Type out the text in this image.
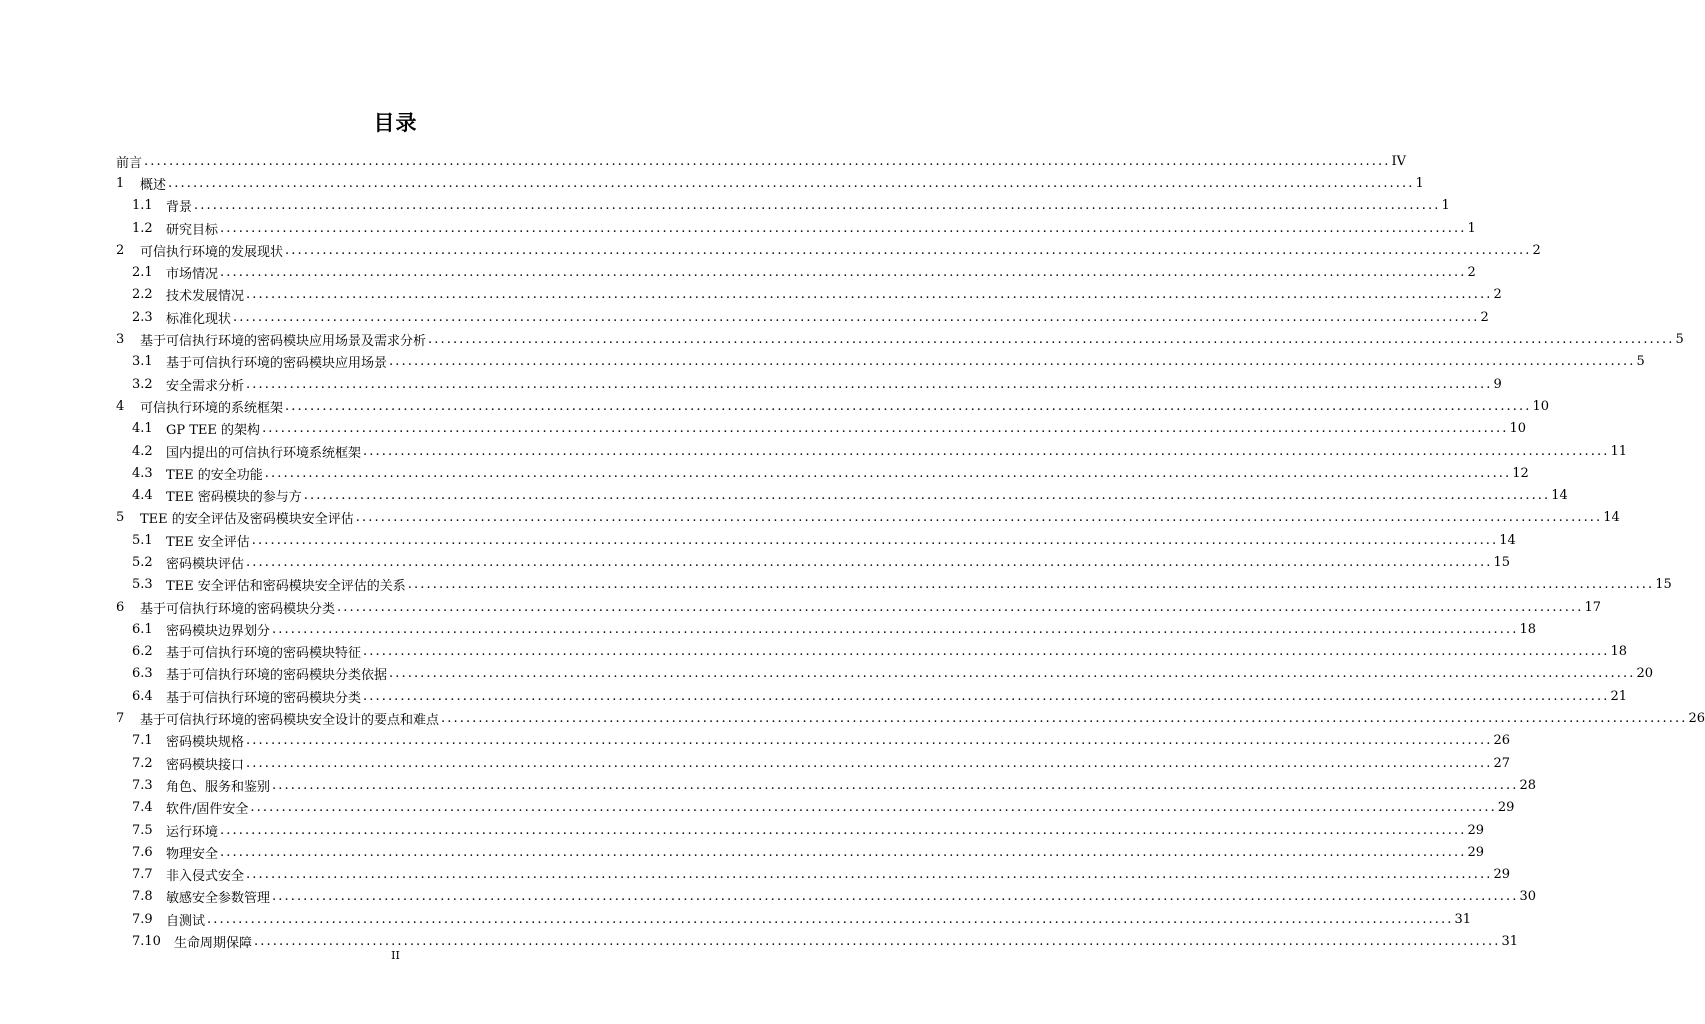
目录
前言 ........................................................................................................................................................................................................ IV
1	概述 ........................................................................................................................................................................................................ 1
1.1	背景 ........................................................................................................................................................................................................ 1
1.2	研究目标 ........................................................................................................................................................................................................ 1
2	可信执行环境的发展现状 ........................................................................................................................................................................................................ 2
2.1	市场情况 ........................................................................................................................................................................................................ 2
2.2	技术发展情况 ........................................................................................................................................................................................................ 2
2.3	标准化现状 ........................................................................................................................................................................................................ 2
3	基于可信执行环境的密码模块应用场景及需求分析 ........................................................................................................................................................................................................ 5
3.1	基于可信执行环境的密码模块应用场景 ........................................................................................................................................................................................................ 5
3.2	安全需求分析 ........................................................................................................................................................................................................ 9
4	可信执行环境的系统框架 ........................................................................................................................................................................................................ 10
4.1	GP TEE 的架构 ........................................................................................................................................................................................................ 10
4.2	国内提出的可信执行环境系统框架 ........................................................................................................................................................................................................ 11
4.3	TEE 的安全功能 ........................................................................................................................................................................................................ 12
4.4	TEE 密码模块的参与方 ........................................................................................................................................................................................................ 14
5	TEE 的安全评估及密码模块安全评估 ........................................................................................................................................................................................................ 14
5.1	TEE 安全评估 ........................................................................................................................................................................................................ 14
5.2	密码模块评估 ........................................................................................................................................................................................................ 15
5.3	TEE 安全评估和密码模块安全评估的关系 ........................................................................................................................................................................................................ 15
6	基于可信执行环境的密码模块分类 ........................................................................................................................................................................................................ 17
6.1	密码模块边界划分 ........................................................................................................................................................................................................ 18
6.2	基于可信执行环境的密码模块特征 ........................................................................................................................................................................................................ 18
6.3	基于可信执行环境的密码模块分类依据 ........................................................................................................................................................................................................ 20
6.4	基于可信执行环境的密码模块分类 ........................................................................................................................................................................................................ 21
7	基于可信执行环境的密码模块安全设计的要点和难点 ........................................................................................................................................................................................................ 26
7.1	密码模块规格 ........................................................................................................................................................................................................ 26
7.2	密码模块接口 ........................................................................................................................................................................................................ 27
7.3	角色、服务和鉴别 ........................................................................................................................................................................................................ 28
7.4	软件/固件安全 ........................................................................................................................................................................................................ 29
7.5	运行环境 ........................................................................................................................................................................................................ 29
7.6	物理安全 ........................................................................................................................................................................................................ 29
7.7	非入侵式安全 ........................................................................................................................................................................................................ 29
7.8	敏感安全参数管理 ........................................................................................................................................................................................................ 30
7.9	自测试 ........................................................................................................................................................................................................ 31
7.10	生命周期保障 ........................................................................................................................................................................................................ 31
II
